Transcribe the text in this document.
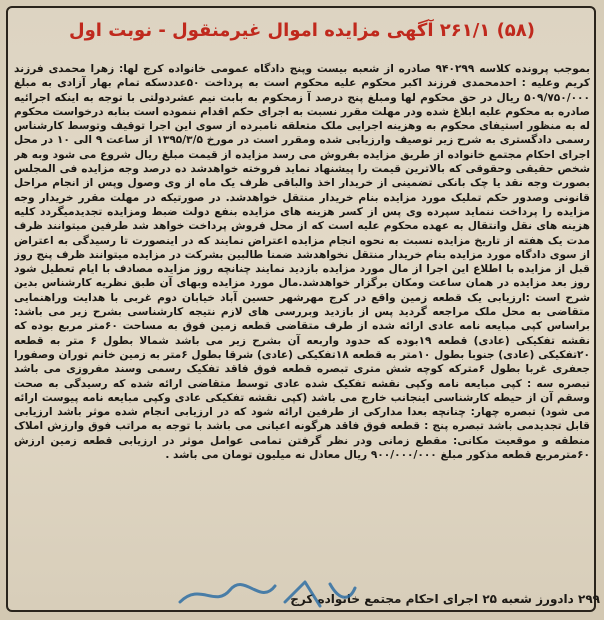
(۵۸) ۲۶۱/۱ آگهی مزایده اموال غیرمنقول - نوبت اول
بموجب پرونده کلاسه ۹۴۰۲۹۹ صادره از شعبه بیست وپنج دادگاه عمومی خانواده کرج لها: زهرا محمدی فرزند کریم وعلیه : احدمحمدی فرزند اکبر محکوم علیه محکوم است به پرداخت ۵۰عددسکه تمام بهار آزادی به مبلغ ۵۰۹/۷۵۰/۰۰۰ ریال در حق محکوم لها ومبلغ پنج درصد آ زمحکوم به بابت نیم عشردولتی با توجه به اینکه اجرائیه صادره به محکوم علیه ابلاغ شده ودر مهلت مقرر نسبت به اجرای حکم اقدام ننموده است بنابه درخواست محکوم له به منظور استیفای محکوم به وهزینه اجرایی ملک متعلقه نامبرده از سوی این اجرا توقیف وتوسط کارشناس رسمی دادگستری به شرح زیر توصیف وارزیابی شده ومقرر است در مورخ ۱۳۹۵/۳/۵ از ساعت ۹ الی ۱۰ در محل اجرای احکام مجتمع خانواده از طریق مزایده بفروش می رسد مزایده از قیمت مبلغ ریال شروع می شود وبه هر شخص حقیقی وحقوقی که بالاترین قیمت را پیشنهاد نماید فروخته خواهدشد ده درصد وجه مزایده فی المجلس بصورت وجه نقد یا چک بانکی تضمینی از خریدار اخذ والباقی ظرف یک ماه از وی وصول وپس از انجام مراحل قانونی وصدور حکم تملیک مورد مزایده بنام خریدار منتقل خواهدشد. در صورتیکه در مهلت مقرر خریدار وجه مزایده را پرداخت ننماید سپرده وی پس از کسر هزینه های مزایده بنفع دولت ضبط ومزایده تجدیدمیگردد کلیه هزینه های نقل وانتقال به عهده محکوم علیه است که از محل فروش پرداخت خواهد شد طرفین میتوانند ظرف مدت یک هفته از تاریخ مزایده نسبت به نحوه انجام مزایده اعتراض نمایند که در اینصورت تا رسیدگی به اعتراض از سوی دادگاه مورد مزایده بنام خریدار منتقل نخواهدشد ضمنا طالبین بشرکت در مزایده میتوانند ظرف پنج روز قبل از مزایده با اطلاع این اجرا از مال مورد مزایده بازدید نمایند چنانچه روز مزایده مصادف با ایام تعطیل شود روز بعد مزایده در همان ساعت ومکان برگزار خواهدشد.مال مورد مزایده وبهای آن طبق نظریه کارشناس بدین شرح است :ارزیابی یک قطعه زمین واقع در کرج مهرشهر حسین آباد خیابان دوم غربی با هدایت وراهنمایی متقاضی به محل ملک مراجعه گردید پس از بازدید وبررسی های لازم نتیجه کارشناسی بشرح زیر می باشد: براساس کپی مبایعه نامه عادی ارائه شده از طرف متقاضی قطعه زمین فوق به مساحت ۶۰متر مربع بوده که نقشه تفکیکی (عادی) قطعه ۱۹بوده که حدود واربعه آن بشرح زیر می باشد شمالا بطول ۶ متر به قطعه ۲۰تفکیکی (عادی) جنوبا بطول ۱۰متر به قطعه ۱۸تفکیکی (عادی) شرقا بطول ۶متر به زمین خانم توران وصفورا جعفری غربا بطول ۶مترکه کوچه شش متری تبصره قطعه فوق فاقد تفکیک رسمی وسند مفروزی می باشد تبصره سه : کپی مبایعه نامه وکپی نقشه تفکیک شده عادی توسط متقاضی ارائه شده که رسیدگی به صحت وسقم آن از حیطه کارشناسی اینجانب خارج می باشد (کپی نقشه تفکیکی عادی وکپی مبایعه نامه پیوست ارائه می شود) تبصره چهار: چنانچه بعدا مدارکی از طرفین ارائه شود که در ارزیابی انجام شده موثر باشد ارزیابی قابل تجدیدمی باشد تبصره پنج : قطعه فوق فاقد هرگونه اعیانی می باشد با توجه به مراتب فوق وارزش املاک منطقه و موقعیت مکانی: مقطع زمانی ودر نظر گرفتن تمامی عوامل موثر در ارزیابی قطعه زمین ارزش ۶۰مترمربع قطعه مذکور مبلغ ۹۰۰/۰۰۰/۰۰۰ ریال معادل نه میلیون تومان می باشد .
۲۹۹ دادورز شعبه ۲۵ اجرای احکام مجتمع خانواده کرج
